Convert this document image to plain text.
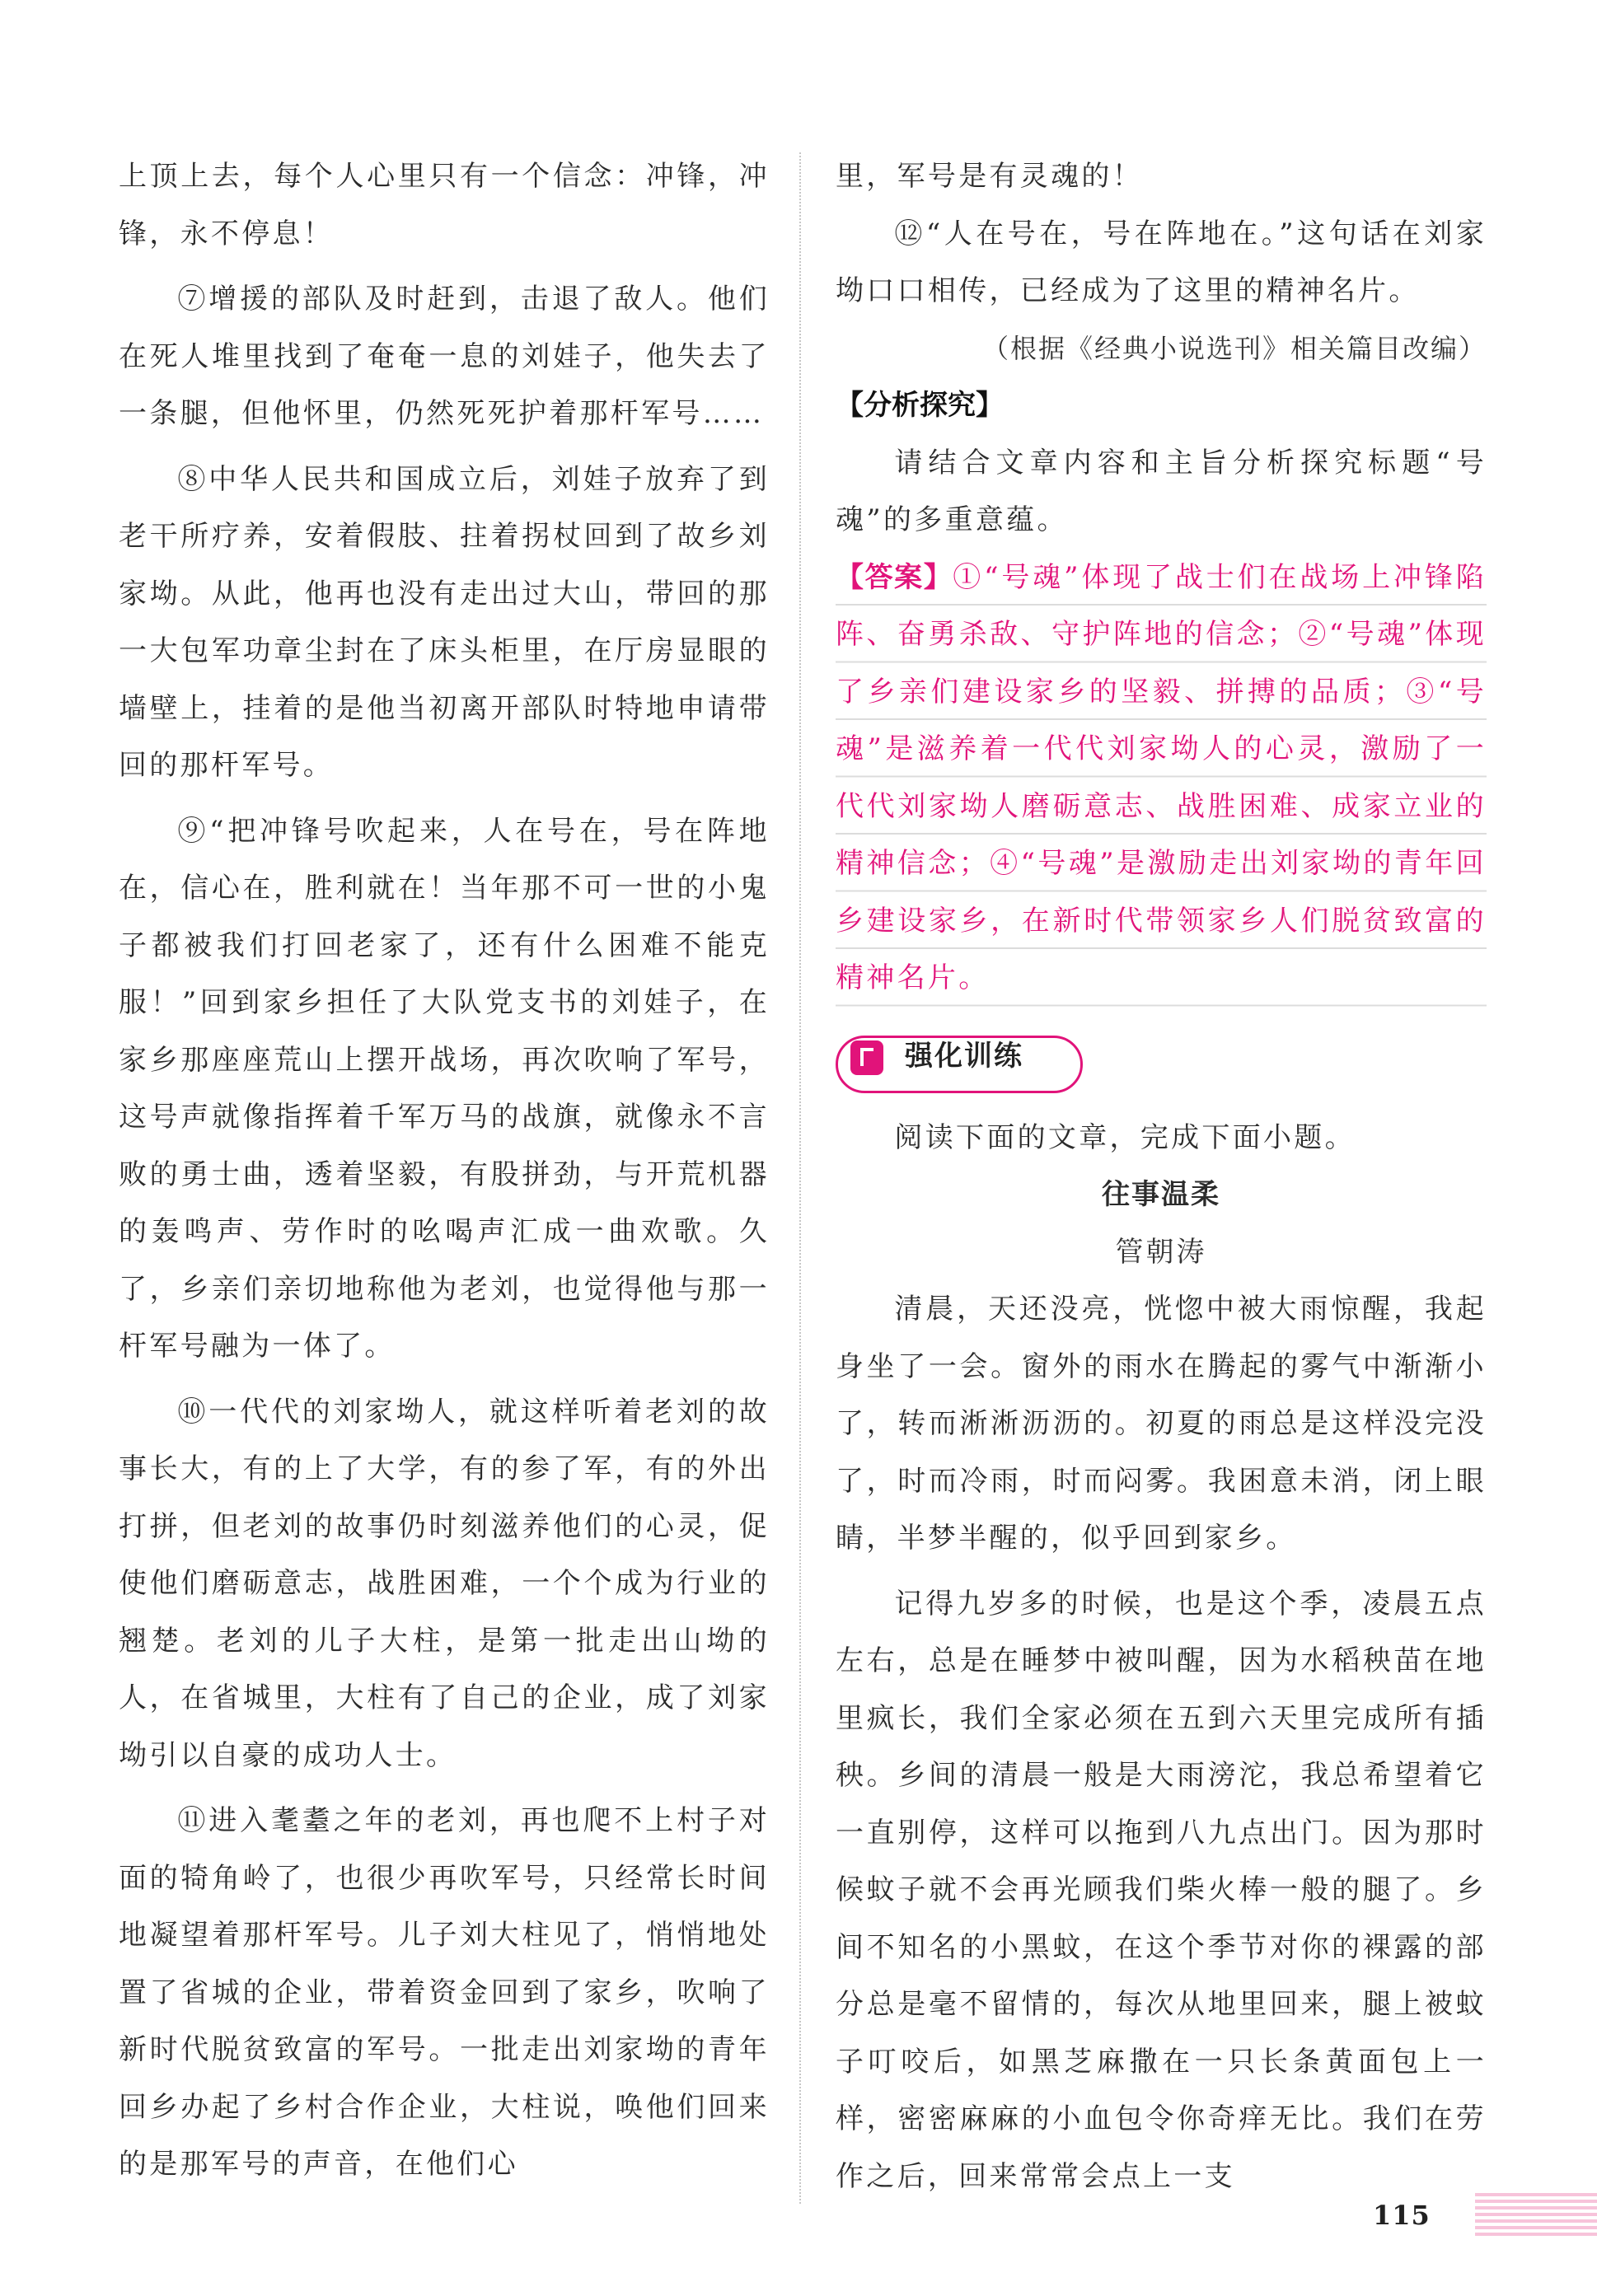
上顶上去，每个人心里只有一个信念：冲锋，冲锋，永不停息！

⑦增援的部队及时赶到，击退了敌人。他们在死人堆里找到了奄奄一息的刘娃子，他失去了一条腿，但他怀里，仍然死死护着那杆军号……

⑧中华人民共和国成立后，刘娃子放弃了到老干所疗养，安着假肢、拄着拐杖回到了故乡刘家坳。从此，他再也没有走出过大山，带回的那一大包军功章尘封在了床头柜里，在厅房显眼的墙壁上，挂着的是他当初离开部队时特地申请带回的那杆军号。

⑨“把冲锋号吹起来，人在号在，号在阵地在，信心在，胜利就在！当年那不可一世的小鬼子都被我们打回老家了，还有什么困难不能克服！”回到家乡担任了大队党支书的刘娃子，在家乡那座座荒山上摆开战场，再次吹响了军号，这号声就像指挥着千军万马的战旗，就像永不言败的勇士曲，透着坚毅，有股拼劲，与开荒机器的轰鸣声、劳作时的吆喝声汇成一曲欢歌。久了，乡亲们亲切地称他为老刘，也觉得他与那一杆军号融为一体了。

⑩一代代的刘家坳人，就这样听着老刘的故事长大，有的上了大学，有的参了军，有的外出打拼，但老刘的故事仍时刻滋养他们的心灵，促使他们磨砺意志，战胜困难，一个个成为行业的翘楚。老刘的儿子大柱，是第一批走出山坳的人，在省城里，大柱有了自己的企业，成了刘家坳引以自豪的成功人士。

⑪进入耄耋之年的老刘，再也爬不上村子对面的犄角岭了，也很少再吹军号，只经常长时间地凝望着那杆军号。儿子刘大柱见了，悄悄地处置了省城的企业，带着资金回到了家乡，吹响了新时代脱贫致富的军号。一批走出刘家坳的青年回乡办起了乡村合作企业，大柱说，唤他们回来的是那军号的声音，在他们心

里，军号是有灵魂的！

⑫“人在号在，号在阵地在。”这句话在刘家坳口口相传，已经成为了这里的精神名片。

（根据《经典小说选刊》相关篇目改编）

【分析探究】

请结合文章内容和主旨分析探究标题“号魂”的多重意蕴。

【答案】①“号魂”体现了战士们在战场上冲锋陷阵、奋勇杀敌、守护阵地的信念；②“号魂”体现了乡亲们建设家乡的坚毅、拼搏的品质；③“号魂”是滋养着一代代刘家坳人的心灵，激励了一代代刘家坳人磨砺意志、战胜困难、成家立业的精神信念；④“号魂”是激励走出刘家坳的青年回乡建设家乡，在新时代带领家乡人们脱贫致富的精神名片。

强化训练

阅读下面的文章，完成下面小题。

往事温柔

管朝涛

清晨，天还没亮，恍惚中被大雨惊醒，我起身坐了一会。窗外的雨水在腾起的雾气中渐渐小了，转而淅淅沥沥的。初夏的雨总是这样没完没了，时而冷雨，时而闷雾。我困意未消，闭上眼睛，半梦半醒的，似乎回到家乡。

记得九岁多的时候，也是这个季，凌晨五点左右，总是在睡梦中被叫醒，因为水稻秧苗在地里疯长，我们全家必须在五到六天里完成所有插秧。乡间的清晨一般是大雨滂沱，我总希望着它一直别停，这样可以拖到八九点出门。因为那时候蚊子就不会再光顾我们柴火棒一般的腿了。乡间不知名的小黑蚊，在这个季节对你的裸露的部分总是毫不留情的，每次从地里回来，腿上被蚊子叮咬后，如黑芝麻撒在一只长条黄面包上一样，密密麻麻的小血包令你奇痒无比。我们在劳作之后，回来常常会点上一支

115
